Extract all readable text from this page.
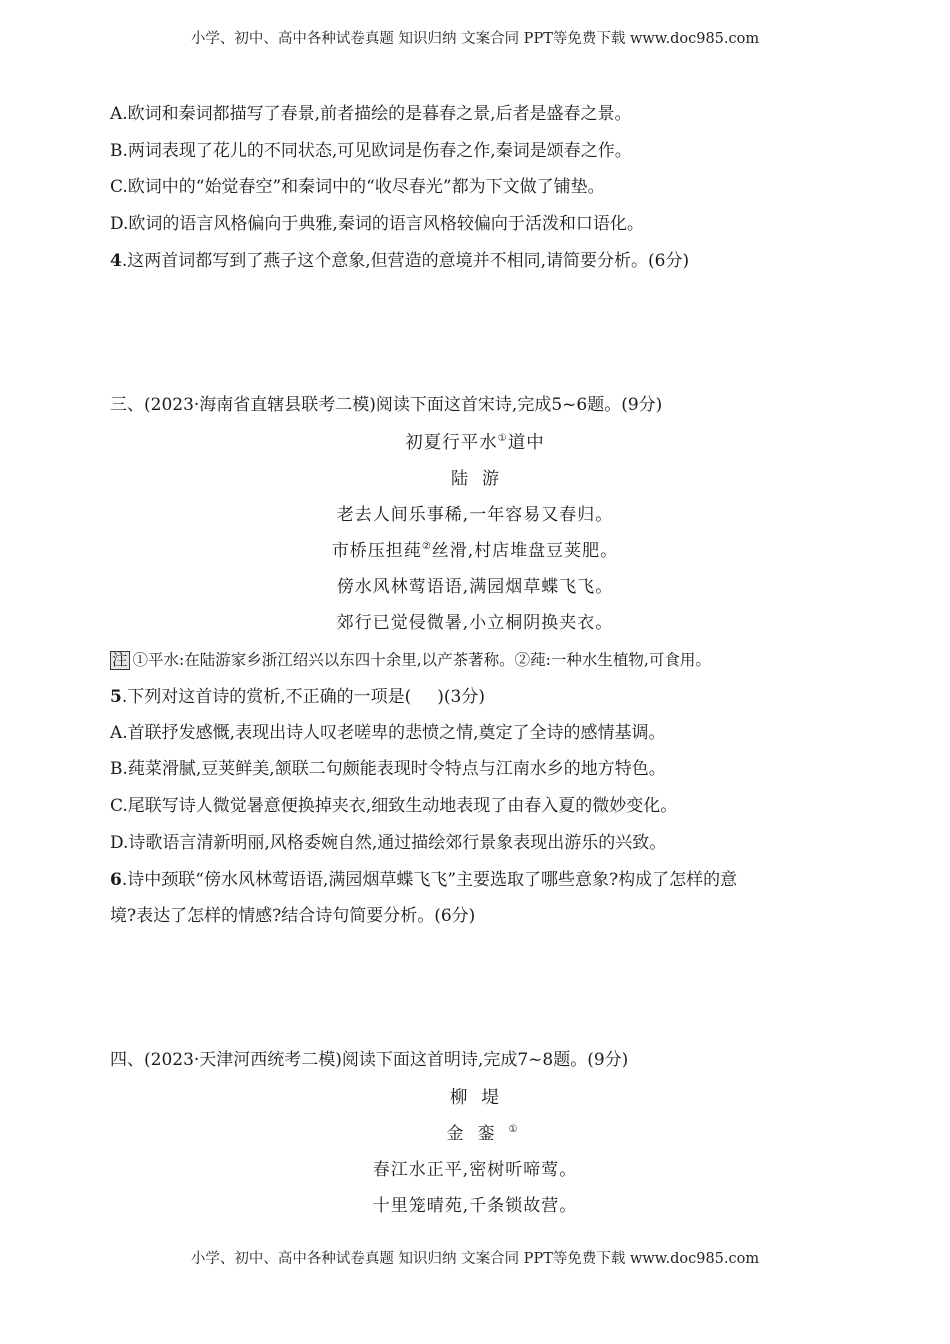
小学、初中、高中各种试卷真题 知识归纳 文案合同 PPT等免费下载 www.doc985.com
A.欧词和秦词都描写了春景,前者描绘的是暮春之景,后者是盛春之景。
B.两词表现了花儿的不同状态,可见欧词是伤春之作,秦词是颂春之作。
C.欧词中的“始觉春空”和秦词中的“收尽春光”都为下文做了铺垫。
D.欧词的语言风格偏向于典雅,秦词的语言风格较偏向于活泼和口语化。
4.这两首词都写到了燕子这个意象,但营造的意境并不相同,请简要分析。(6分)
三、(2023·海南省直辖县联考二模)阅读下面这首宋诗,完成5~6题。(9分)
初夏行平水①道中
陆游
老去人间乐事稀,一年容易又春归。
市桥压担莼②丝滑,村店堆盘豆荚肥。
傍水风林莺语语,满园烟草蝶飞飞。
郊行已觉侵微暑,小立桐阴换夹衣。
注 ①平水:在陆游家乡浙江绍兴以东四十余里,以产茶著称。②莼:一种水生植物,可食用。
5.下列对这首诗的赏析,不正确的一项是( )(3分)
A.首联抒发感慨,表现出诗人叹老嗟卑的悲愤之情,奠定了全诗的感情基调。
B.莼菜滑腻,豆荚鲜美,颔联二句颇能表现时令特点与江南水乡的地方特色。
C.尾联写诗人微觉暑意便换掉夹衣,细致生动地表现了由春入夏的微妙变化。
D.诗歌语言清新明丽,风格委婉自然,通过描绘郊行景象表现出游乐的兴致。
6.诗中颈联“傍水风林莺语语,满园烟草蝶飞飞”主要选取了哪些意象?构成了怎样的意
境?表达了怎样的情感?结合诗句简要分析。(6分)
四、(2023·天津河西统考二模)阅读下面这首明诗,完成7~8题。(9分)
柳  堤
金銮①
春江水正平,密树听啼莺。
十里笼晴苑,千条锁故营。
小学、初中、高中各种试卷真题 知识归纳 文案合同 PPT等免费下载 www.doc985.com
